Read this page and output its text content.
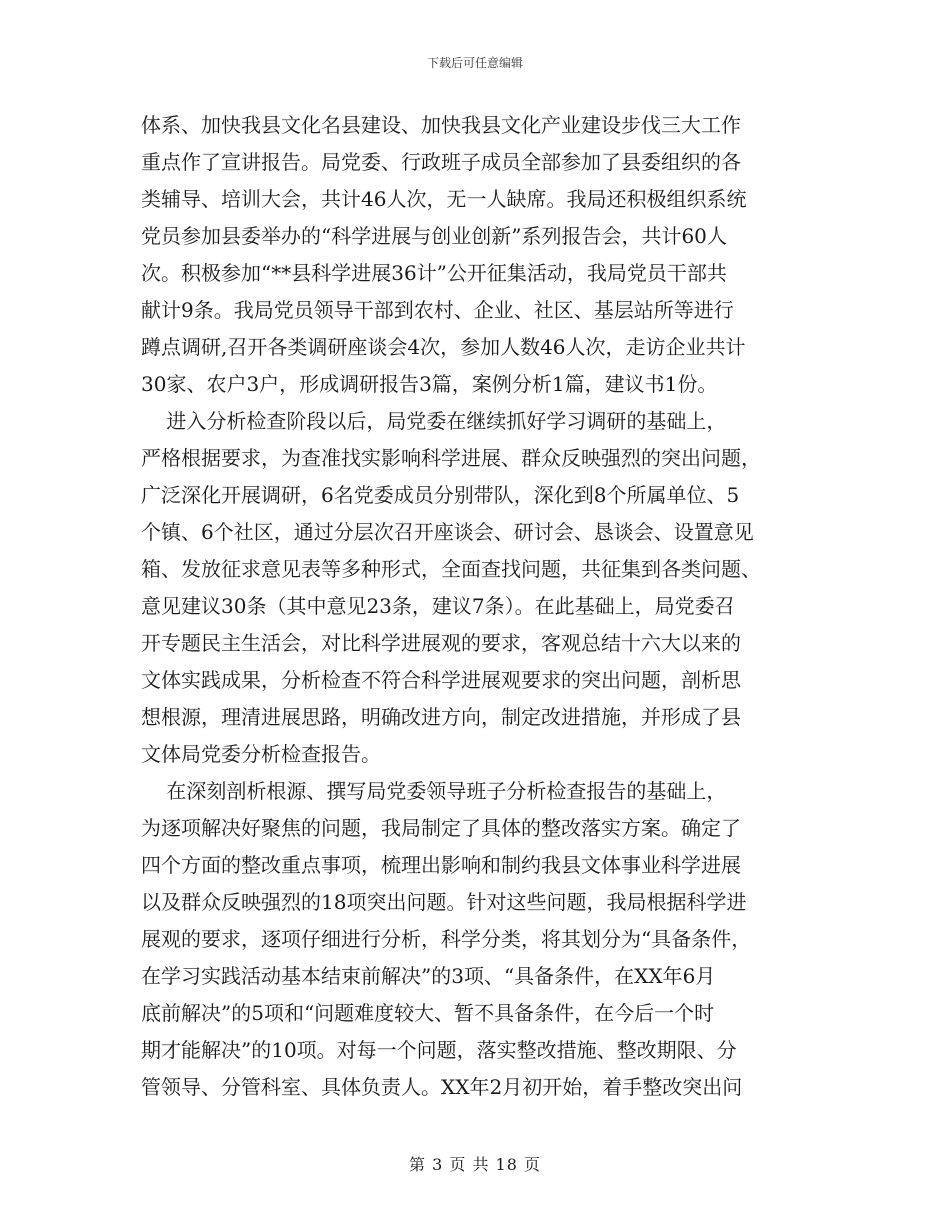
下载后可任意编辑
体系、加快我县文化名县建设、加快我县文化产业建设步伐三大工作
重点作了宣讲报告。局党委、行政班子成员全部参加了县委组织的各
类辅导、培训大会，共计46人次，无一人缺席。我局还积极组织系统
党员参加县委举办的“科学进展与创业创新”系列报告会，共计60人
次。积极参加“**县科学进展36计”公开征集活动，我局党员干部共
献计9条。我局党员领导干部到农村、企业、社区、基层站所等进行
蹲点调研,召开各类调研座谈会4次，参加人数46人次，走访企业共计
30家、农户3户，形成调研报告3篇，案例分析1篇，建议书1份。
进入分析检查阶段以后，局党委在继续抓好学习调研的基础上，
严格根据要求，为查准找实影响科学进展、群众反映强烈的突出问题，
广泛深化开展调研，6名党委成员分别带队，深化到8个所属单位、5
个镇、6个社区，通过分层次召开座谈会、研讨会、恳谈会、设置意见
箱、发放征求意见表等多种形式，全面查找问题，共征集到各类问题、
意见建议30条（其中意见23条，建议7条）。在此基础上，局党委召
开专题民主生活会，对比科学进展观的要求，客观总结十六大以来的
文体实践成果，分析检查不符合科学进展观要求的突出问题，剖析思
想根源，理清进展思路，明确改进方向，制定改进措施，并形成了县
文体局党委分析检查报告。
在深刻剖析根源、撰写局党委领导班子分析检查报告的基础上，
为逐项解决好聚焦的问题，我局制定了具体的整改落实方案。确定了
四个方面的整改重点事项，梳理出影响和制约我县文体事业科学进展
以及群众反映强烈的18项突出问题。针对这些问题，我局根据科学进
展观的要求，逐项仔细进行分析，科学分类，将其划分为“具备条件，
在学习实践活动基本结束前解决”的3项、“具备条件，在XX年6月
底前解决”的5项和“问题难度较大、暂不具备条件，在今后一个时
期才能解决”的10项。对每一个问题，落实整改措施、整改期限、分
管领导、分管科室、具体负责人。XX年2月初开始，着手整改突出问
第 3 页 共 18 页
